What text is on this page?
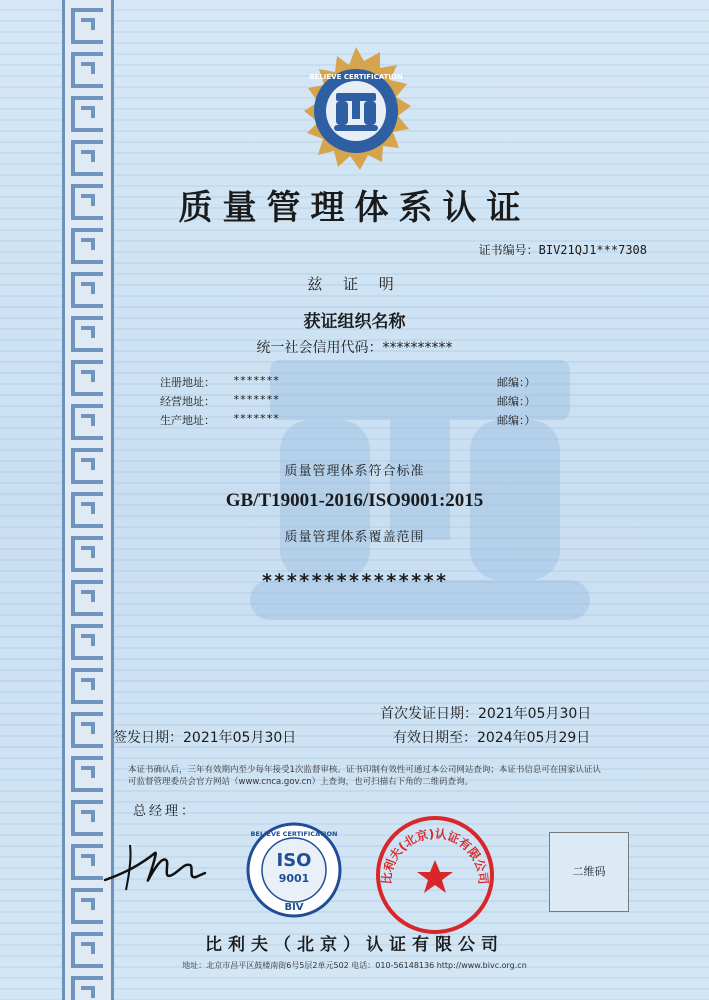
BELIEVE CERTIFICATION
质量管理体系认证
证书编号：BIV21QJ1***7308
兹 证 明
获证组织名称
统一社会信用代码：**********
注册地址： *******	邮编：）
经营地址： *******	邮编：）
生产地址： *******	邮编：）
质量管理体系符合标准
GB/T19001-2016/ISO9001:2015
质量管理体系覆盖范围
***************
首次发证日期：2021年05月30日
签发日期：2021年05月30日	有效日期至：2024年05月29日
本证书确认后，三年有效期内至少每年接受1次监督审核。证书印制有效性可通过本公司网站查询；本证书信息可在国家认证认可监督管理委员会官方网站（www.cnca.gov.cn）上查询，也可扫描右下角的二维码查询。
总经理：
BELIEVE CERTIFICATION
ISO
9001
BIV
比利夫(北京)认证有限公司
二维码
比利夫（北京）认证有限公司
地址：北京市昌平区鼓楼南街6号5层2单元502 电话：010-56148136 http://www.bivc.org.cn
